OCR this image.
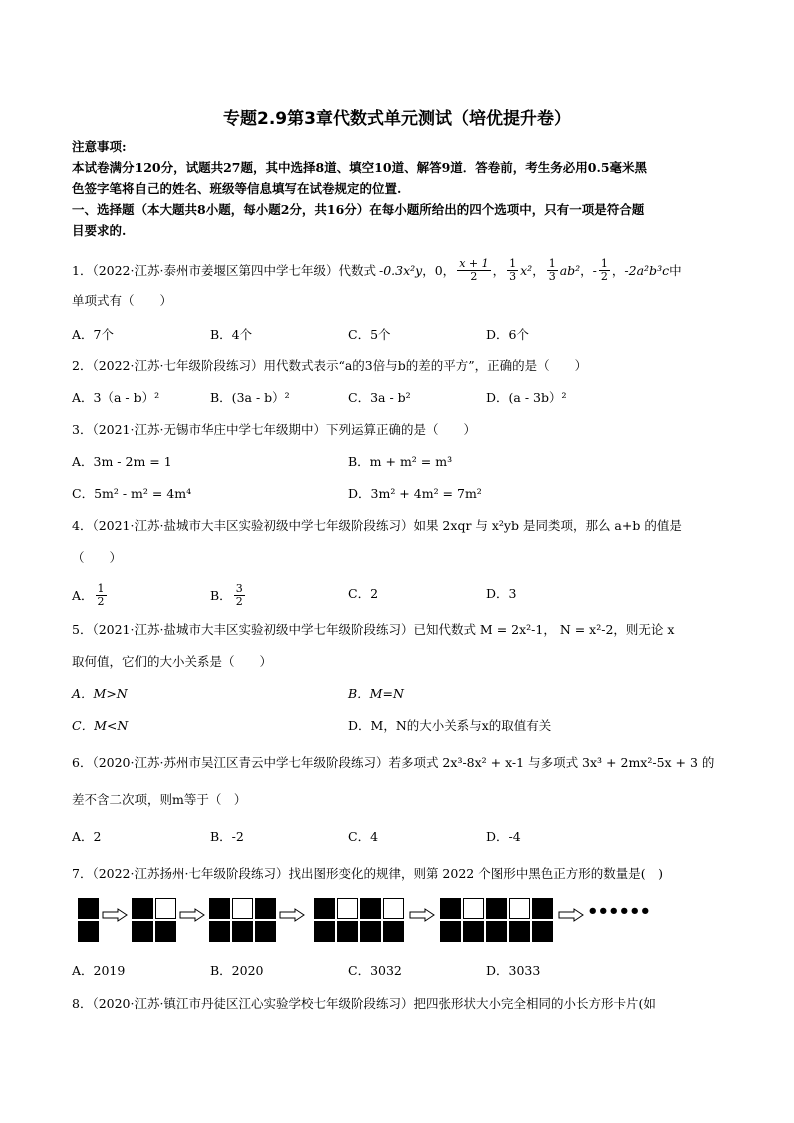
专题2.9第3章代数式单元测试（培优提升卷）
注意事项:
本试卷满分120分，试题共27题，其中选择8道、填空10道、解答9道．答卷前，考生务必用0.5毫米黑
色签字笔将自己的姓名、班级等信息填写在试卷规定的位置.
一、选择题（本大题共8小题，每小题2分，共16分）在每小题所给出的四个选项中，只有一项是符合题
目要求的.
1．（2022·江苏·泰州市姜堰区第四中学七年级）代数式 -0.3x²y ， 0 ， $\frac{x + 1}{2}$ ， $\frac{1}{3} x^2$ ， $\frac{1}{3} ab^2$ ，- $\frac{1}{2}$ ， -2a²b³c 中
单项式有（　　）
A．7个	B．4个	C．5个	D．6个
2．（2022·江苏·七年级阶段练习）用代数式表示“a的3倍与b的差的平方”，正确的是（　　）
A．3（a - b）²	B．(3a - b）²	C．3a - b²	D．(a - 3b）²
3．（2021·江苏·无锡市华庄中学七年级期中）下列运算正确的是（　　）
A．3m - 2m = 1	B．m + m² = m³
C．5m² - m² = 4m⁴	D．3m² + 4m² = 7m²
4．（2021·江苏·盐城市大丰区实验初级中学七年级阶段练习）如果 2xqr 与 x²yb 是同类项，那么 a+b 的值是
（　　）
A． $\frac{1}{2}$	B． $\frac{3}{2}$	C．2	D．3
5．（2021·江苏·盐城市大丰区实验初级中学七年级阶段练习）已知代数式 M = 2x²-1， N = x²-2，则无论 x
取何值，它们的大小关系是（　　）
A．M>N	B．M=N
C．M<N	D．M，N的大小关系与x的取值有关
6．（2020·江苏·苏州市吴江区青云中学七年级阶段练习）若多项式 2x³-8x² + x-1 与多项式 3x³ + 2mx²-5x + 3 的
差不含二次项，则m等于（　）
A．2	B．-2	C．4	D．-4
7．（2022·江苏扬州·七年级阶段练习）找出图形变化的规律，则第 2022 个图形中黑色正方形的数量是(　)
••••••
A．2019	B．2020	C．3032	D．3033
8．（2020·江苏·镇江市丹徒区江心实验学校七年级阶段练习）把四张形状大小完全相同的小长方形卡片(如
